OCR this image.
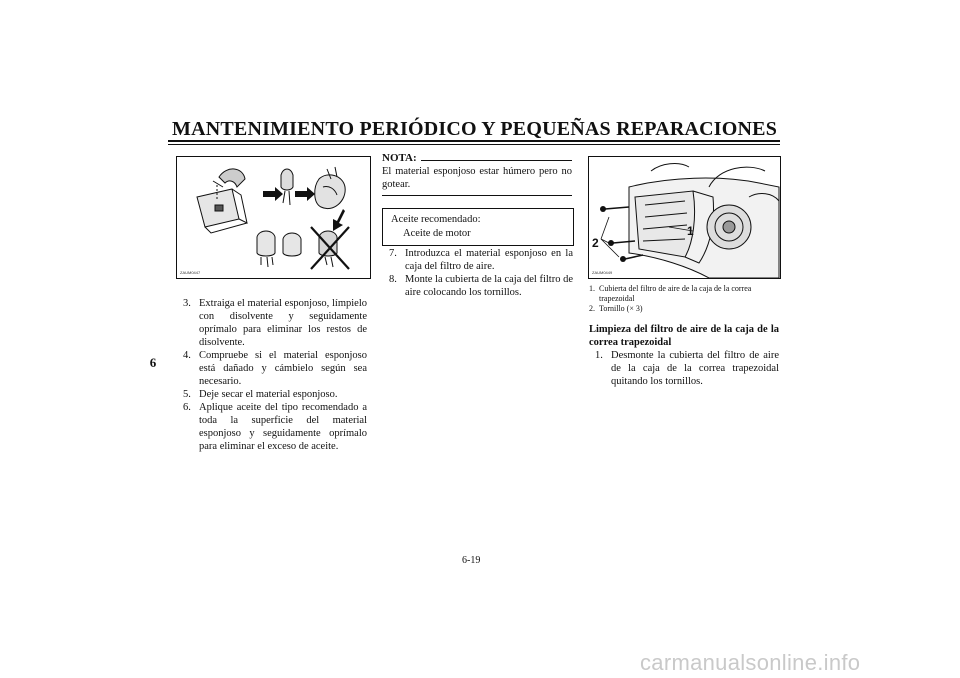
MANTENIMIENTO PERIÓDICO Y PEQUEÑAS REPARACIONES
6
ZAUM0447
3. Extraiga el material esponjoso, límpielo con disolvente y seguidamente oprímalo para eliminar los restos de disolvente.
4. Compruebe si el material esponjoso está dañado y cámbielo según sea necesario.
5. Deje secar el material esponjoso.
6. Aplique aceite del tipo recomendado a toda la superficie del material esponjoso y seguidamente oprímalo para eliminar el exceso de aceite.
NOTA:
El material esponjoso estar húmero pero no gotear.
Aceite recomendado:
Aceite de motor
7. Introduzca el material esponjoso en la caja del filtro de aire.
8. Monte la cubierta de la caja del filtro de aire colocando los tornillos.
1
2
ZAUM0449
1. Cubierta del filtro de aire de la caja de la correa trapezoidal
2. Tornillo (× 3)
Limpieza del filtro de aire de la caja de la correa trapezoidal
1. Desmonte la cubierta del filtro de aire de la caja de la correa trapezoidal quitando los tornillos.
6-19
carmanualsonline.info
